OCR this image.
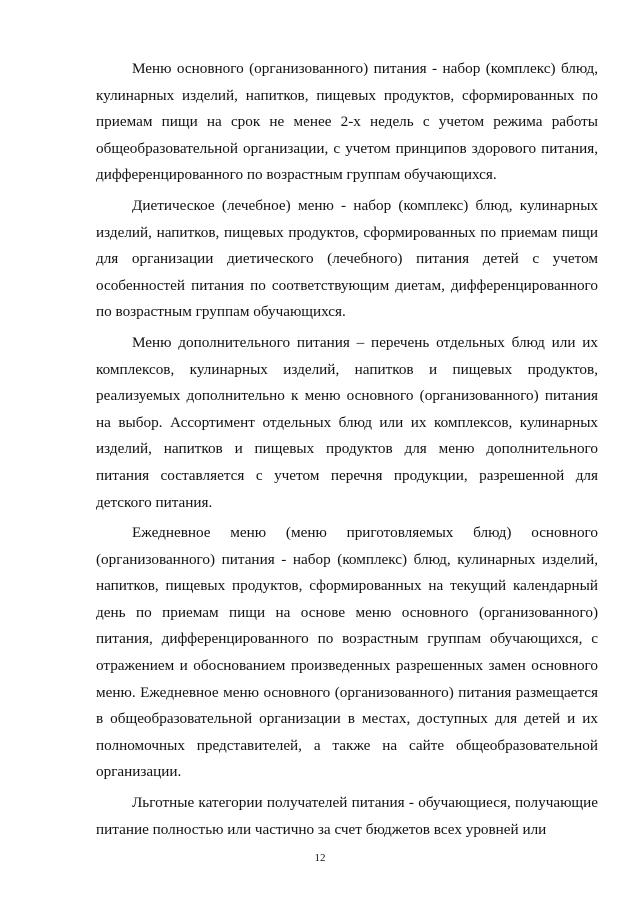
Меню основного (организованного) питания - набор (комплекс) блюд, кулинарных изделий, напитков, пищевых продуктов, сформированных по приемам пищи на срок не менее 2-х недель с учетом режима работы общеобразовательной организации, с учетом принципов здорового питания, дифференцированного по возрастным группам обучающихся.

Диетическое (лечебное) меню - набор (комплекс) блюд, кулинарных изделий, напитков, пищевых продуктов, сформированных по приемам пищи для организации диетического (лечебного) питания детей с учетом особенностей питания по соответствующим диетам, дифференцированного по возрастным группам обучающихся.

Меню дополнительного питания – перечень отдельных блюд или их комплексов, кулинарных изделий, напитков и пищевых продуктов, реализуемых дополнительно к меню основного (организованного) питания на выбор. Ассортимент отдельных блюд или их комплексов, кулинарных изделий, напитков и пищевых продуктов для меню дополнительного питания составляется с учетом перечня продукции, разрешенной для детского питания.

Ежедневное меню (меню приготовляемых блюд) основного (организованного) питания - набор (комплекс) блюд, кулинарных изделий, напитков, пищевых продуктов, сформированных на текущий календарный день по приемам пищи на основе меню основного (организованного) питания, дифференцированного по возрастным группам обучающихся, с отражением и обоснованием произведенных разрешенных замен основного меню. Ежедневное меню основного (организованного) питания размещается в общеобразовательной организации в местах, доступных для детей и их полномочных представителей, а также на сайте общеобразовательной организации.

Льготные категории получателей питания - обучающиеся, получающие питание полностью или частично за счет бюджетов всех уровней или

12
